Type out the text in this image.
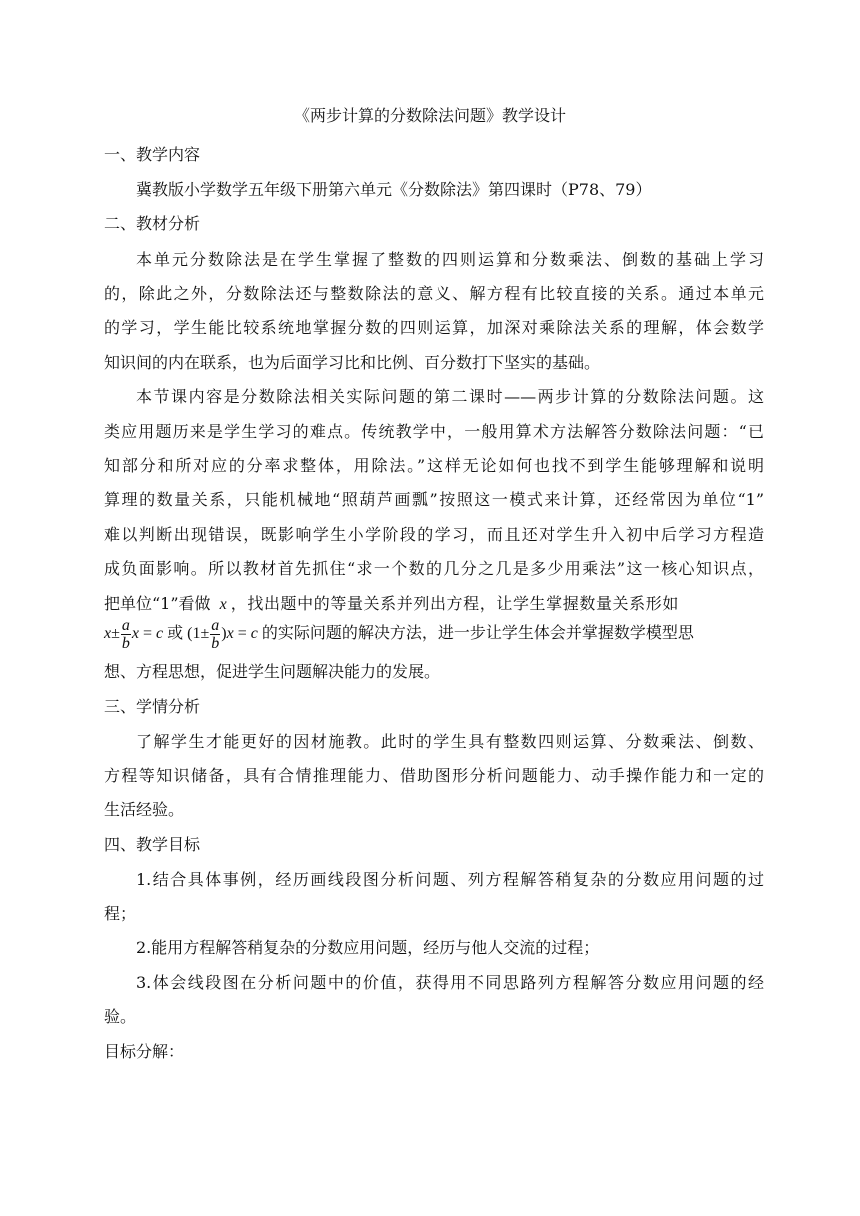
《两步计算的分数除法问题》教学设计
一、教学内容
冀教版小学数学五年级下册第六单元《分数除法》第四课时（P78、79）
二、教材分析
本单元分数除法是在学生掌握了整数的四则运算和分数乘法、倒数的基础上学习
的，除此之外，分数除法还与整数除法的意义、解方程有比较直接的关系。通过本单元
的学习，学生能比较系统地掌握分数的四则运算，加深对乘除法关系的理解，体会数学
知识间的内在联系，也为后面学习比和比例、百分数打下坚实的基础。
本节课内容是分数除法相关实际问题的第二课时——两步计算的分数除法问题。这
类应用题历来是学生学习的难点。传统教学中，一般用算术方法解答分数除法问题：“已
知部分和所对应的分率求整体，用除法。”这样无论如何也找不到学生能够理解和说明
算理的数量关系，只能机械地“照葫芦画瓢”按照这一模式来计算，还经常因为单位“1”
难以判断出现错误，既影响学生小学阶段的学习，而且还对学生升入初中后学习方程造
成负面影响。所以教材首先抓住“求一个数的几分之几是多少用乘法”这一核心知识点，
把单位“1”看做 x ，找出题中的等量关系并列出方程，让学生掌握数量关系形如
$x\pm \frac{a}{b}$ x = c 或 $(1\pm \frac{a}{b} )x = c$ 的实际问题的解决方法，进一步让学生体会并掌握数学模型思
想、方程思想，促进学生问题解决能力的发展。
三、学情分析
了解学生才能更好的因材施教。此时的学生具有整数四则运算、分数乘法、倒数、
方程等知识储备，具有合情推理能力、借助图形分析问题能力、动手操作能力和一定的
生活经验。
四、教学目标
1.结合具体事例，经历画线段图分析问题、列方程解答稍复杂的分数应用问题的过
程；
2.能用方程解答稍复杂的分数应用问题，经历与他人交流的过程；
3.体会线段图在分析问题中的价值，获得用不同思路列方程解答分数应用问题的经
验。
目标分解：
